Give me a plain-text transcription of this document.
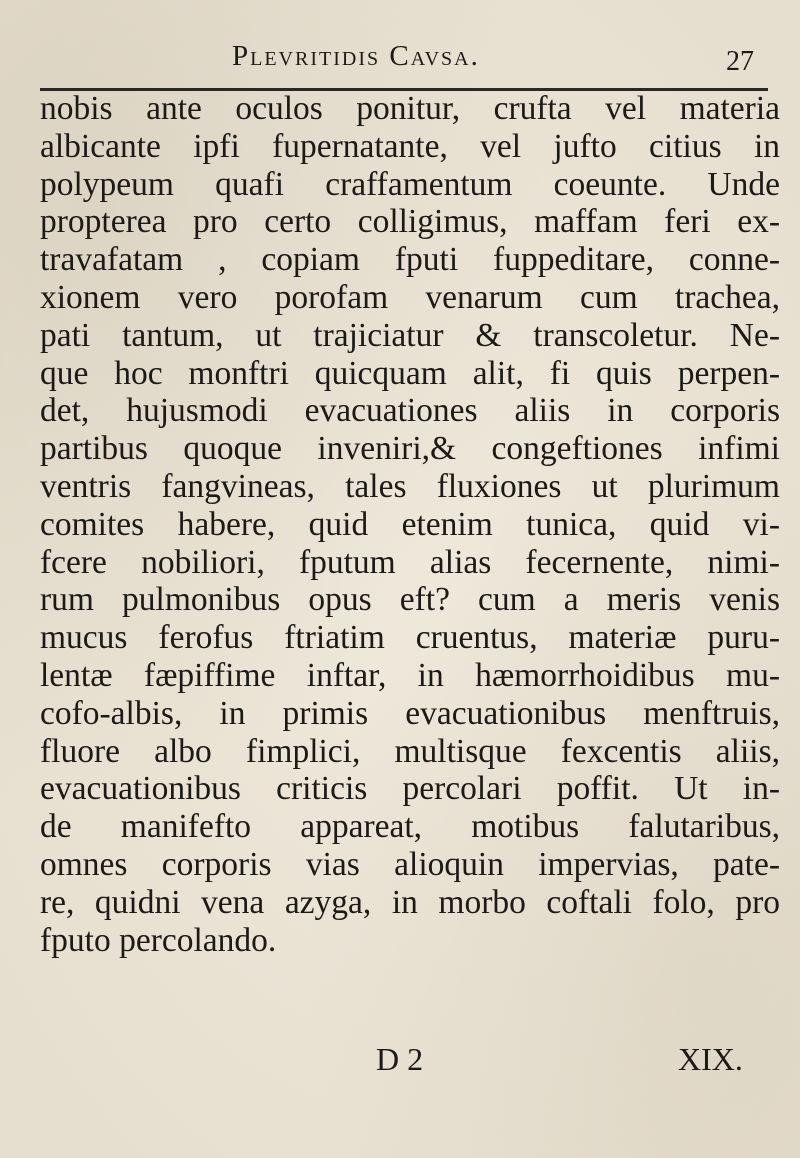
Plevritidis Cavsa.	27
nobis ante oculos ponitur, crufta vel materia
albicante ipfi fupernatante, vel jufto citius in
polypeum quafi craffamentum coeunte. Unde
propterea pro certo colligimus, maffam feri ex-
travafatam , copiam fputi fuppeditare, conne-
xionem vero porofam venarum cum trachea,
pati tantum, ut trajiciatur & transcoletur. Ne-
que hoc monftri quicquam alit, fi quis perpen-
det, hujusmodi evacuationes aliis in corporis
partibus quoque inveniri,& congeftiones infimi
ventris fangvineas, tales fluxiones ut plurimum
comites habere, quid etenim tunica, quid vi-
fcere nobiliori, fputum alias fecernente, nimi-
rum pulmonibus opus eft? cum a meris venis
mucus ferofus ftriatim cruentus, materiæ puru-
lentæ fæpiffime inftar, in hæmorrhoidibus mu-
cofo-albis, in primis evacuationibus menftruis,
fluore albo fimplici, multisque fexcentis aliis,
evacuationibus criticis percolari poffit. Ut in-
de manifefto appareat, motibus falutaribus,
omnes corporis vias alioquin impervias, pate-
re, quidni vena azyga, in morbo coftali folo, pro
fputo percolando.
D 2	XIX.
